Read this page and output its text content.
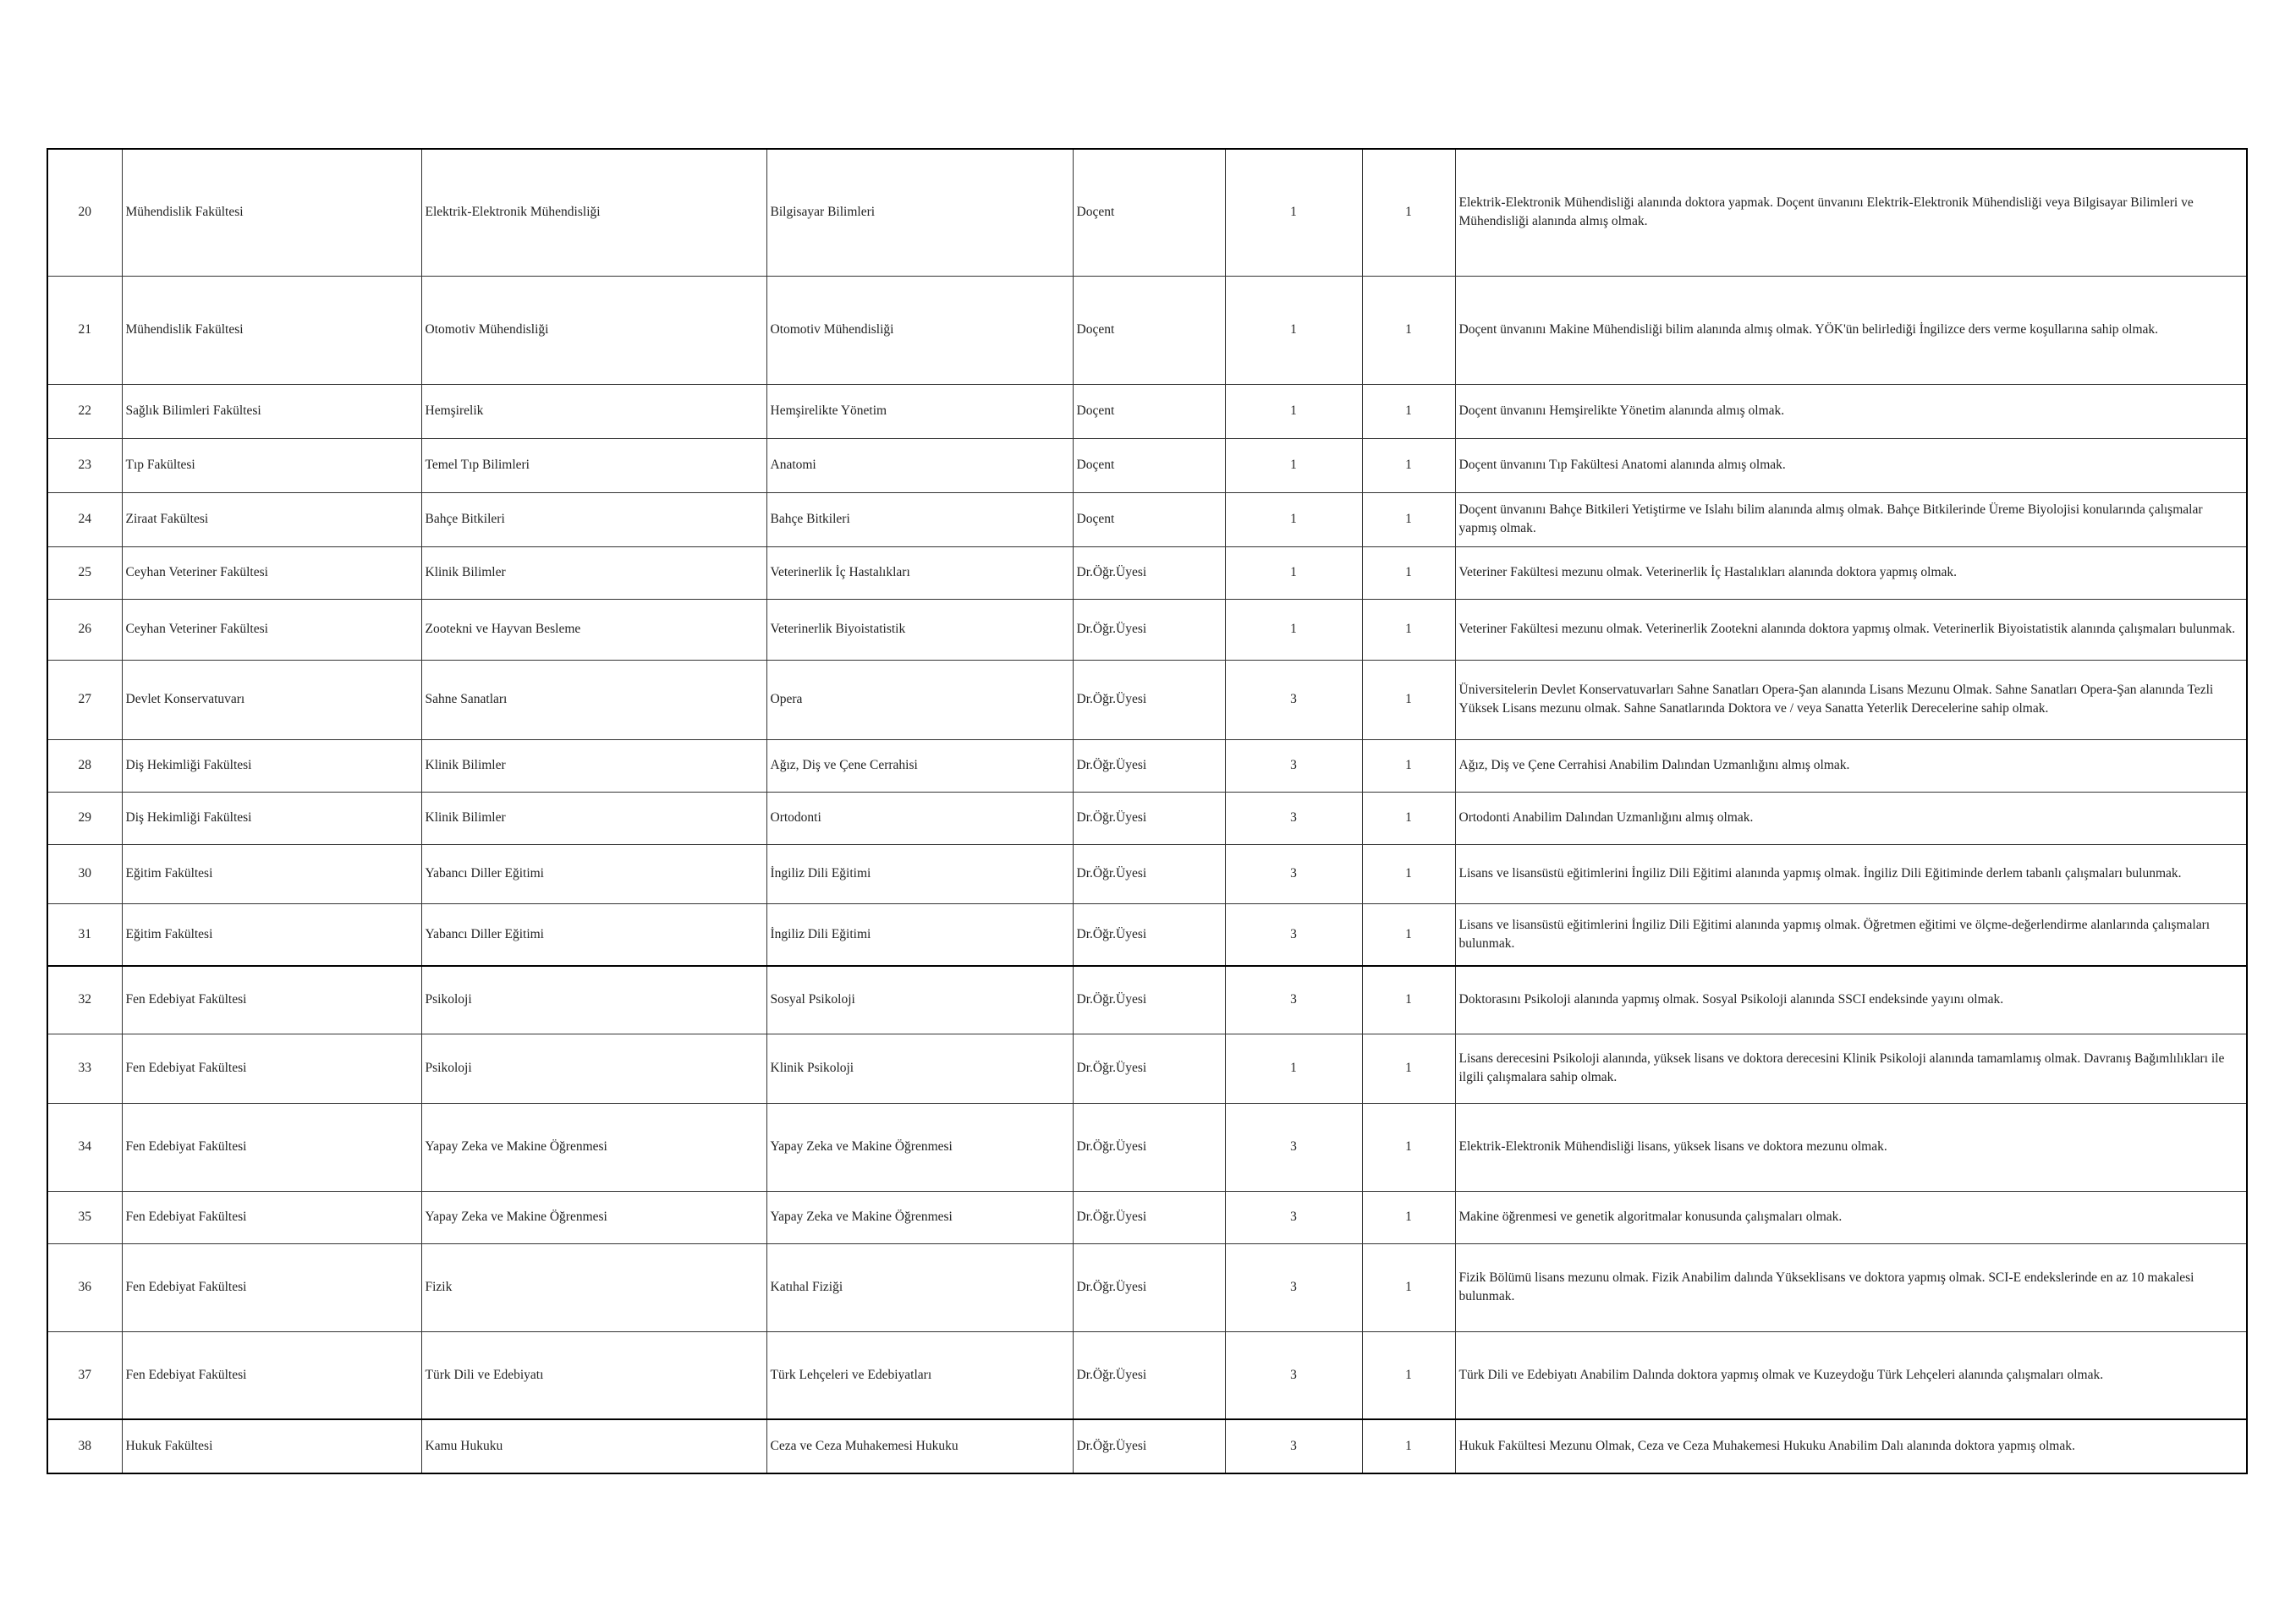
20	Mühendislik Fakültesi	Elektrik-Elektronik Mühendisliği	Bilgisayar Bilimleri	Doçent	1	1	Elektrik-Elektronik Mühendisliği alanında doktora yapmak. Doçent ünvanını Elektrik-Elektronik Mühendisliği veya Bilgisayar Bilimleri ve Mühendisliği alanında almış olmak.
21	Mühendislik Fakültesi	Otomotiv Mühendisliği	Otomotiv Mühendisliği	Doçent	1	1	Doçent ünvanını Makine Mühendisliği bilim alanında almış olmak. YÖK'ün belirlediği İngilizce ders verme koşullarına sahip olmak.
22	Sağlık Bilimleri Fakültesi	Hemşirelik	Hemşirelikte Yönetim	Doçent	1	1	Doçent ünvanını Hemşirelikte Yönetim alanında almış olmak.
23	Tıp Fakültesi	Temel Tıp Bilimleri	Anatomi	Doçent	1	1	Doçent ünvanını Tıp Fakültesi Anatomi alanında almış olmak.
24	Ziraat Fakültesi	Bahçe Bitkileri	Bahçe Bitkileri	Doçent	1	1	Doçent ünvanını Bahçe Bitkileri Yetiştirme ve Islahı bilim alanında almış olmak. Bahçe Bitkilerinde Üreme Biyolojisi konularında çalışmalar yapmış olmak.
25	Ceyhan Veteriner Fakültesi	Klinik Bilimler	Veterinerlik İç Hastalıkları	Dr.Öğr.Üyesi	1	1	Veteriner Fakültesi mezunu olmak. Veterinerlik İç Hastalıkları alanında doktora yapmış olmak.
26	Ceyhan Veteriner Fakültesi	Zootekni ve Hayvan Besleme	Veterinerlik Biyoistatistik	Dr.Öğr.Üyesi	1	1	Veteriner Fakültesi mezunu olmak. Veterinerlik Zootekni alanında doktora yapmış olmak. Veterinerlik Biyoistatistik alanında çalışmaları bulunmak.
27	Devlet Konservatuvarı	Sahne Sanatları	Opera	Dr.Öğr.Üyesi	3	1	Üniversitelerin Devlet Konservatuvarları Sahne Sanatları Opera-Şan alanında Lisans Mezunu Olmak. Sahne Sanatları Opera-Şan alanında Tezli Yüksek Lisans mezunu olmak. Sahne Sanatlarında Doktora ve / veya Sanatta Yeterlik Derecelerine sahip olmak.
28	Diş Hekimliği Fakültesi	Klinik Bilimler	Ağız, Diş ve Çene Cerrahisi	Dr.Öğr.Üyesi	3	1	Ağız, Diş ve Çene Cerrahisi Anabilim Dalından Uzmanlığını almış olmak.
29	Diş Hekimliği Fakültesi	Klinik Bilimler	Ortodonti	Dr.Öğr.Üyesi	3	1	Ortodonti Anabilim Dalından Uzmanlığını almış olmak.
30	Eğitim Fakültesi	Yabancı Diller Eğitimi	İngiliz Dili Eğitimi	Dr.Öğr.Üyesi	3	1	Lisans ve lisansüstü eğitimlerini İngiliz Dili Eğitimi alanında yapmış olmak. İngiliz Dili Eğitiminde derlem tabanlı çalışmaları bulunmak.
31	Eğitim Fakültesi	Yabancı Diller Eğitimi	İngiliz Dili Eğitimi	Dr.Öğr.Üyesi	3	1	Lisans ve lisansüstü eğitimlerini İngiliz Dili Eğitimi alanında yapmış olmak. Öğretmen eğitimi ve ölçme-değerlendirme alanlarında çalışmaları bulunmak.
32	Fen Edebiyat Fakültesi	Psikoloji	Sosyal Psikoloji	Dr.Öğr.Üyesi	3	1	Doktorasını Psikoloji alanında yapmış olmak. Sosyal Psikoloji alanında SSCI endeksinde yayını olmak.
33	Fen Edebiyat Fakültesi	Psikoloji	Klinik Psikoloji	Dr.Öğr.Üyesi	1	1	Lisans derecesini Psikoloji alanında, yüksek lisans ve doktora derecesini Klinik Psikoloji alanında tamamlamış olmak. Davranış Bağımlılıkları ile ilgili çalışmalara sahip olmak.
34	Fen Edebiyat Fakültesi	Yapay Zeka ve Makine Öğrenmesi	Yapay Zeka ve Makine Öğrenmesi	Dr.Öğr.Üyesi	3	1	Elektrik-Elektronik Mühendisliği lisans, yüksek lisans ve doktora mezunu olmak.
35	Fen Edebiyat Fakültesi	Yapay Zeka ve Makine Öğrenmesi	Yapay Zeka ve Makine Öğrenmesi	Dr.Öğr.Üyesi	3	1	Makine öğrenmesi ve genetik algoritmalar konusunda çalışmaları olmak.
36	Fen Edebiyat Fakültesi	Fizik	Katıhal Fiziği	Dr.Öğr.Üyesi	3	1	Fizik Bölümü lisans mezunu olmak. Fizik Anabilim dalında Yükseklisans ve doktora yapmış olmak. SCI-E endekslerinde en az 10 makalesi bulunmak.
37	Fen Edebiyat Fakültesi	Türk Dili ve Edebiyatı	Türk Lehçeleri ve Edebiyatları	Dr.Öğr.Üyesi	3	1	Türk Dili ve Edebiyatı Anabilim Dalında doktora yapmış olmak ve Kuzeydoğu Türk Lehçeleri alanında çalışmaları olmak.
38	Hukuk Fakültesi	Kamu Hukuku	Ceza ve Ceza Muhakemesi Hukuku	Dr.Öğr.Üyesi	3	1	Hukuk Fakültesi Mezunu Olmak, Ceza ve Ceza Muhakemesi Hukuku Anabilim Dalı alanında doktora yapmış olmak.
